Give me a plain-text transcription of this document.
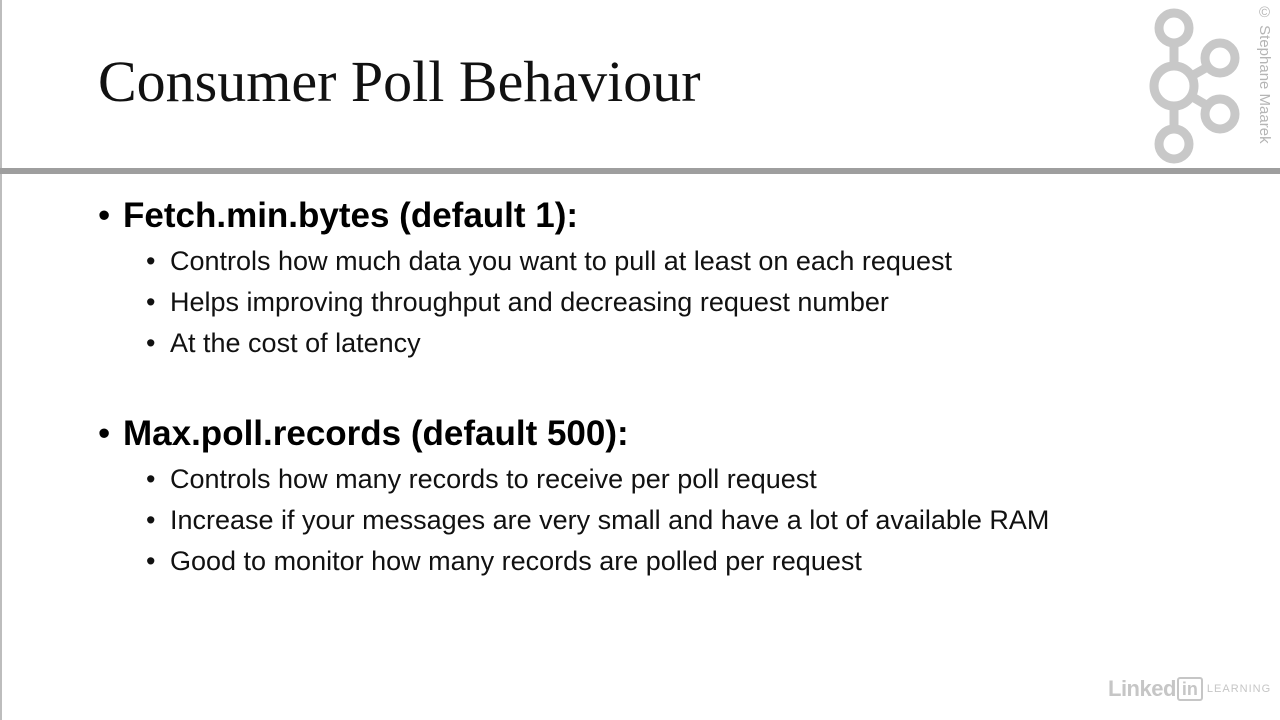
Consumer Poll Behaviour	© Stephane Maarek
• Fetch.min.bytes (default 1):
• Controls how much data you want to pull at least on each request
• Helps improving throughput and decreasing request number
• At the cost of latency
• Max.poll.records (default 500):
• Controls how many records to receive per poll request
• Increase if your messages are very small and have a lot of available RAM
• Good to monitor how many records are polled per request
Linked in LEARNING
